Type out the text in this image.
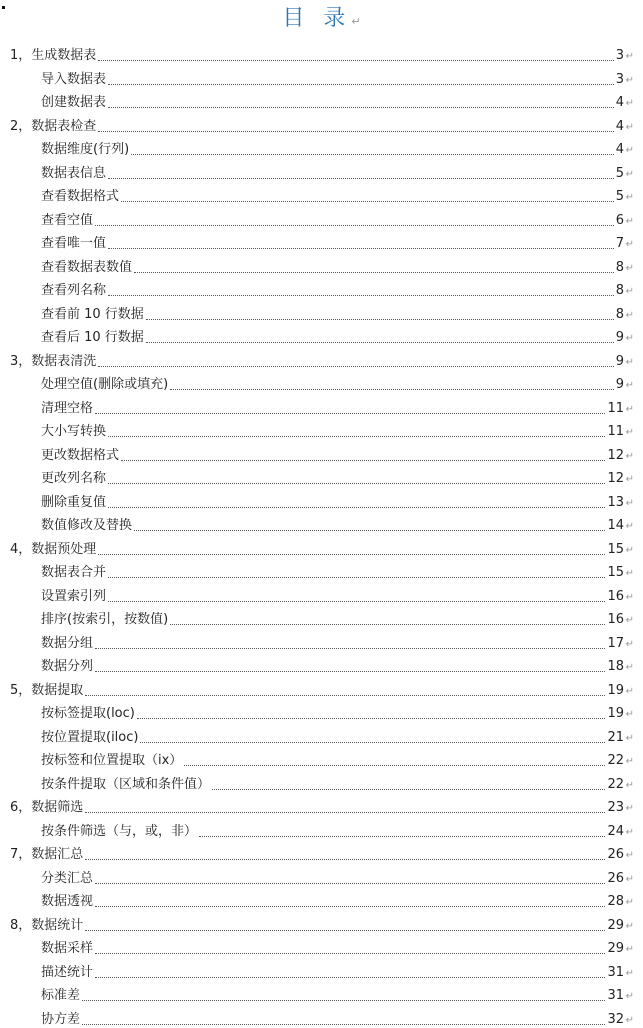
目 录↵
1，生成数据表	3 ↵
导入数据表	3 ↵
创建数据表	4 ↵
2，数据表检查	4 ↵
数据维度(行列)	4 ↵
数据表信息	5 ↵
查看数据格式	5 ↵
查看空值	6 ↵
查看唯一值	7 ↵
查看数据表数值	8 ↵
查看列名称	8 ↵
查看前 10 行数据	8 ↵
查看后 10 行数据	9 ↵
3，数据表清洗	9 ↵
处理空值(删除或填充)	9 ↵
清理空格	11 ↵
大小写转换	11 ↵
更改数据格式	12 ↵
更改列名称	12 ↵
删除重复值	13 ↵
数值修改及替换	14 ↵
4，数据预处理	15 ↵
数据表合并	15 ↵
设置索引列	16 ↵
排序(按索引，按数值)	16 ↵
数据分组	17 ↵
数据分列	18 ↵
5，数据提取	19 ↵
按标签提取(loc)	19 ↵
按位置提取(iloc)	21 ↵
按标签和位置提取（ix）	22 ↵
按条件提取（区域和条件值）	22 ↵
6，数据筛选	23 ↵
按条件筛选（与，或，非）	24 ↵
7，数据汇总	26 ↵
分类汇总	26 ↵
数据透视	28 ↵
8，数据统计	29 ↵
数据采样	29 ↵
描述统计	31 ↵
标准差	31 ↵
协方差	32 ↵
